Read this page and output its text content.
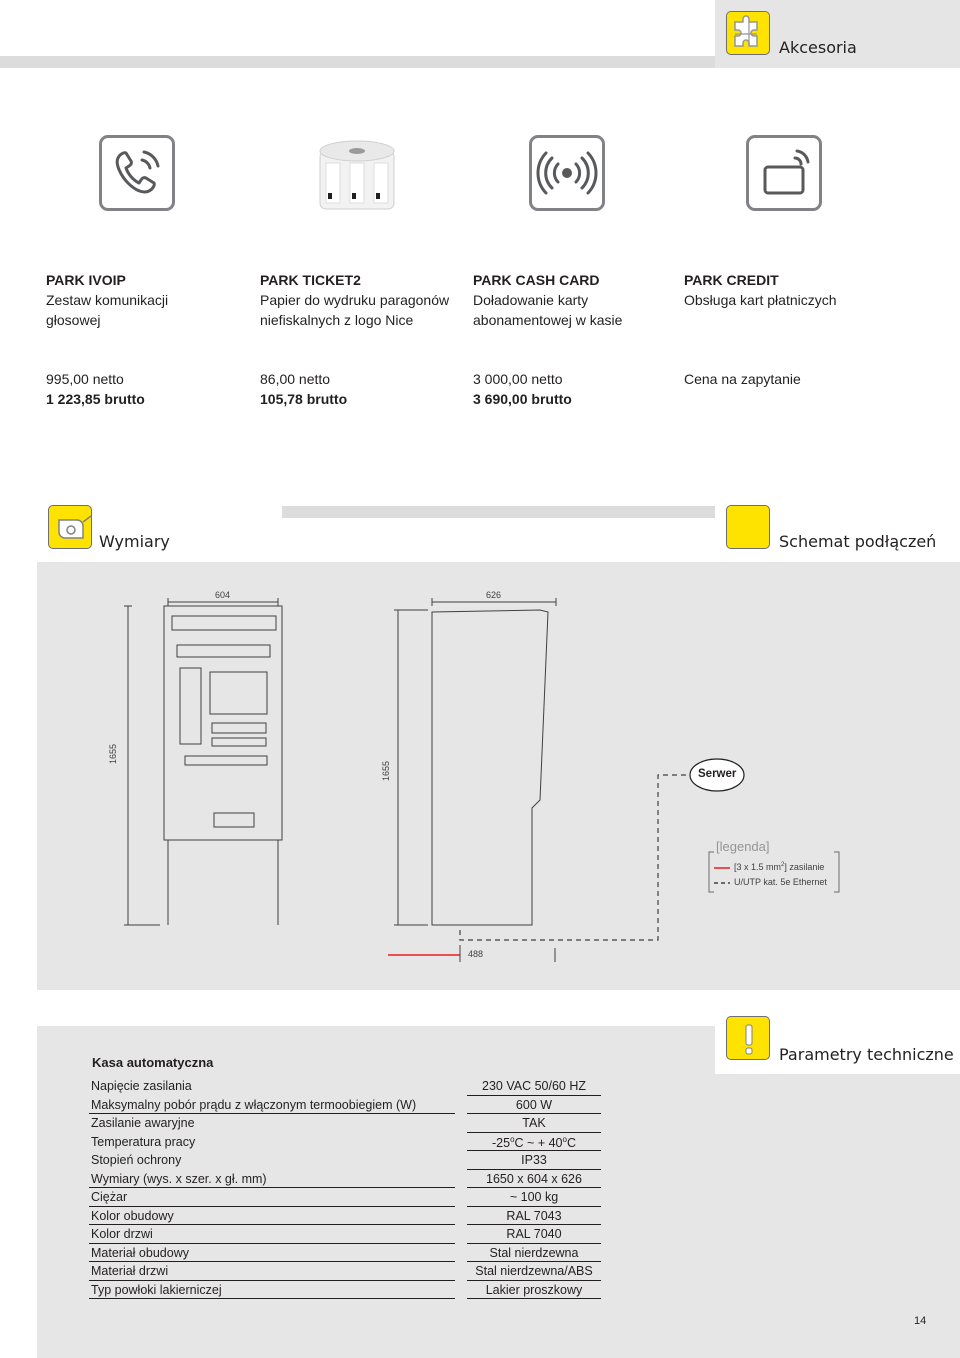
Akcesoria
PARK IVOIP
Zestaw komunikacji
głosowej
PARK TICKET2
Papier do wydruku paragonów
niefiskalnych z logo Nice
PARK CASH CARD
Doładowanie karty
abonamentowej w kasie
PARK CREDIT
Obsługa kart płatniczych
995,00 netto
1 223,85 brutto
86,00 netto
105,78 brutto
3 000,00 netto
3 690,00 brutto
Cena na zapytanie
Wymiary	Schemat podłączeń
604	626
1655
1655
488
Serwer
[legenda]
[3 x 1.5 $mm^2$] zasilanie
U/UTP kat. 5e Ethernet
Parametry techniczne
Kasa automatyczna
Napięcie zasilania	230 VAC 50/60 HZ
Maksymalny pobór prądu z włączonym termoobiegiem (W)	600 W
Zasilanie awaryjne	TAK
Temperatura pracy	-25$^o$C ~ + $40^oC$
Stopień ochrony	IP33
Wymiary (wys. x szer. x gł. mm)	1650 x 604 x 626
Ciężar	~ 100 kg
Kolor obudowy	RAL 7043
Kolor drzwi	RAL 7040
Materiał obudowy	Stal nierdzewna
Materiał drzwi	Stal nierdzewna/ABS
Typ powłoki lakierniczej	Lakier proszkowy
14
